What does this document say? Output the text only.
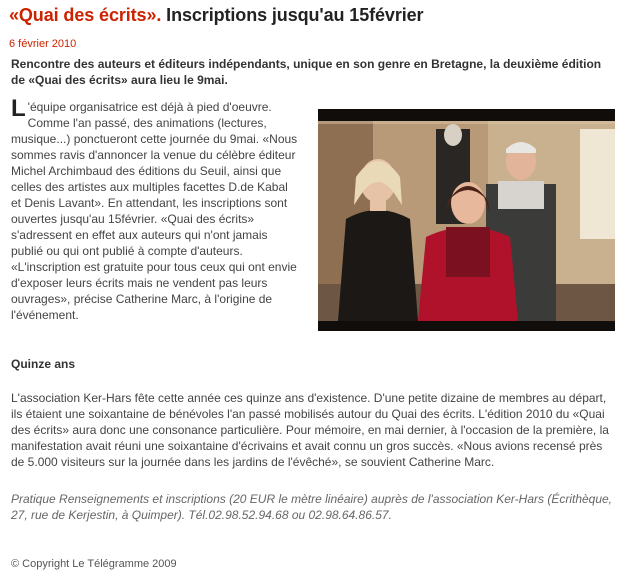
«Quai des écrits». Inscriptions jusqu'au 15février
6 février 2010

Rencontre des auteurs et éditeurs indépendants, unique en son genre en Bretagne, la deuxième édition de «Quai des écrits» aura lieu le 9mai.

L 'équipe organisatrice est déjà à pied d'oeuvre. Comme l'an passé, des animations (lectures, musique...) ponctueront cette journée du 9mai. «Nous sommes ravis d'annoncer la venue du célèbre éditeur Michel Archimbaud des éditions du Seuil, ainsi que celles des artistes aux multiples facettes D.de Kabal et Denis Lavant». En attendant, les inscriptions sont ouvertes jusqu'au 15février. «Quai des écrits» s'adressent en effet aux auteurs qui n'ont jamais publié ou qui ont publié à compte d'auteurs. «L'inscription est gratuite pour tous ceux qui ont envie d'exposer leurs écrits mais ne vendent pas leurs ouvrages», précise Catherine Marc, à l'origine de l'événement.

Quinze ans

L'association Ker-Hars fête cette année ces quinze ans d'existence. D'une petite dizaine de membres au départ, ils étaient une soixantaine de bénévoles l'an passé mobilisés autour du Quai des écrits. L'édition 2010 du «Quai des écrits» aura donc une consonance particulière. Pour mémoire, en mai dernier, à l'occasion de la première, la manifestation avait réuni une soixantaine d'écrivains et avait connu un gros succès. «Nous avions recensé près de 5.000 visiteurs sur la journée dans les jardins de l'évêché», se souvient Catherine Marc.

Pratique Renseignements et inscriptions (20 EUR le mètre linéaire) auprès de l'association Ker-Hars (Écrithèque, 27, rue de Kerjestin, à Quimper). Tél.02.98.52.94.68 ou 02.98.64.86.57.

© Copyright Le Télégramme 2009
